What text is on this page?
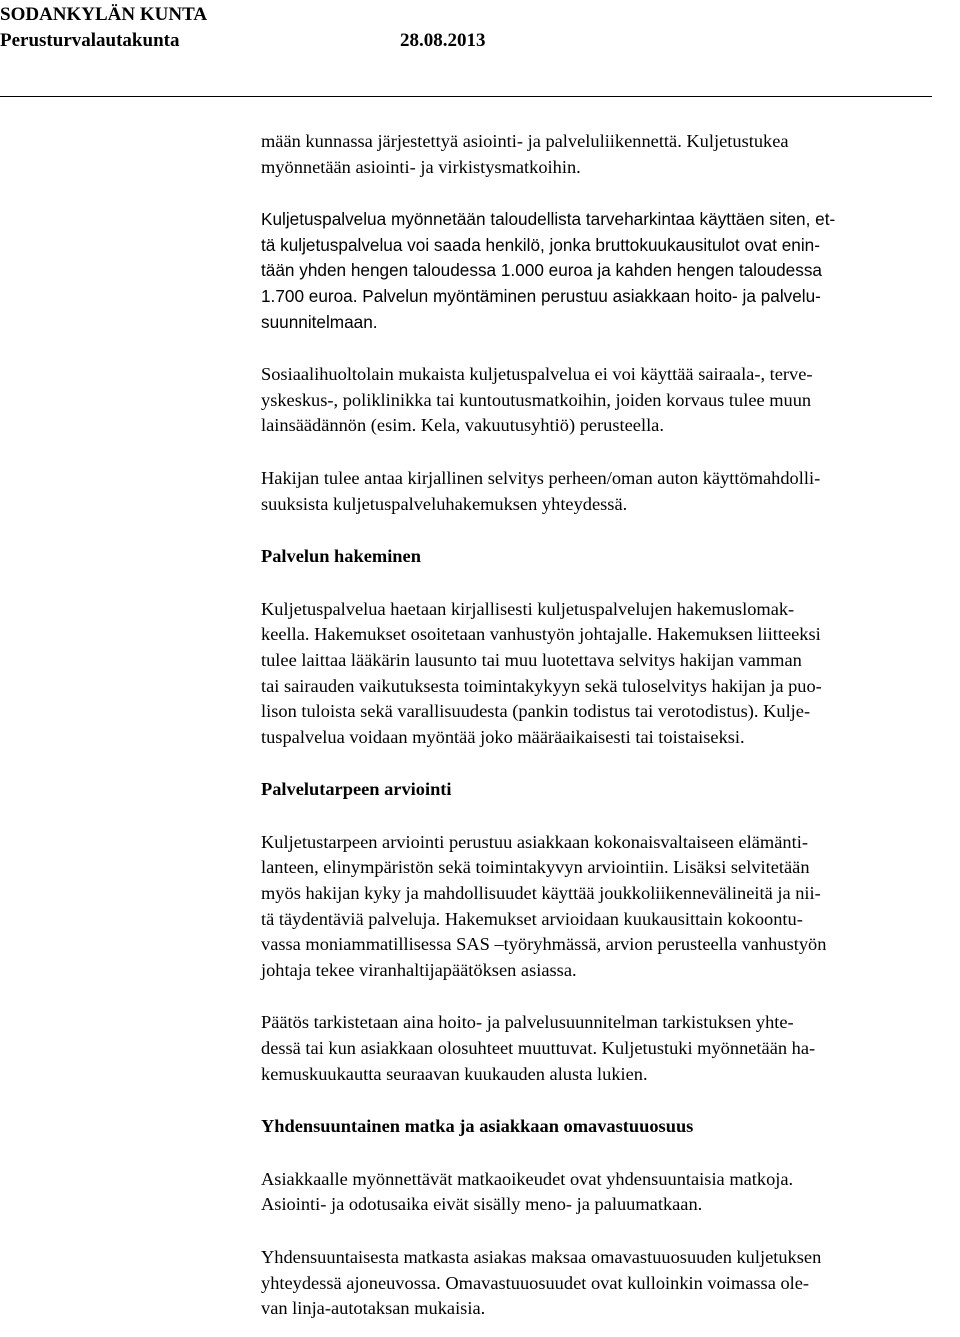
SODANKYLÄN KUNTA
Perusturvalautakunta	28.08.2013
mään kunnassa järjestettyä asiointi- ja palveluliikennettä. Kuljetustukea
myönnetään asiointi- ja virkistysmatkoihin.
Kuljetuspalvelua myönnetään taloudellista tarveharkintaa käyttäen siten, et-
tä kuljetuspalvelua voi saada henkilö, jonka bruttokuukausitulot ovat enin-
tään yhden hengen taloudessa 1.000 euroa ja kahden hengen taloudessa
1.700 euroa. Palvelun myöntäminen perustuu asiakkaan hoito- ja palvelu-
suunnitelmaan.
Sosiaalihuoltolain mukaista kuljetuspalvelua ei voi käyttää sairaala-, terve-
yskeskus-, poliklinikka tai kuntoutusmatkoihin, joiden korvaus tulee muun
lainsäädännön (esim. Kela, vakuutusyhtiö) perusteella.
Hakijan tulee antaa kirjallinen selvitys perheen/oman auton käyttömahdolli-
suuksista kuljetuspalveluhakemuksen yhteydessä.
Palvelun hakeminen
Kuljetuspalvelua haetaan kirjallisesti kuljetuspalvelujen hakemuslomak-
keella. Hakemukset osoitetaan vanhustyön johtajalle. Hakemuksen liitteeksi
tulee laittaa lääkärin lausunto tai muu luotettava selvitys hakijan vamman
tai sairauden vaikutuksesta toimintakykyyn sekä tuloselvitys hakijan ja puo-
lison tuloista sekä varallisuudesta (pankin todistus tai verotodistus). Kulje-
tuspalvelua voidaan myöntää joko määräaikaisesti tai toistaiseksi.
Palvelutarpeen arviointi
Kuljetustarpeen arviointi perustuu asiakkaan kokonaisvaltaiseen elämänti-
lanteen, elinympäristön sekä toimintakyvyn arviointiin. Lisäksi selvitetään
myös hakijan kyky ja mahdollisuudet käyttää joukkoliikennevälineitä ja nii-
tä täydentäviä palveluja. Hakemukset arvioidaan kuukausittain kokoontu-
vassa moniammatillisessa SAS –työryhmässä, arvion perusteella vanhustyön
johtaja tekee viranhaltijapäätöksen asiassa.
Päätös tarkistetaan aina hoito- ja palvelusuunnitelman tarkistuksen yhte-
dessä tai kun asiakkaan olosuhteet muuttuvat. Kuljetustuki myönnetään ha-
kemuskuukautta seuraavan kuukauden alusta lukien.
Yhdensuuntainen matka ja asiakkaan omavastuuosuus
Asiakkaalle myönnettävät matkaoikeudet ovat yhdensuuntaisia matkoja.
Asiointi- ja odotusaika eivät sisälly meno- ja paluumatkaan.
Yhdensuuntaisesta matkasta asiakas maksaa omavastuuosuuden kuljetuksen
yhteydessä ajoneuvossa. Omavastuuosuudet ovat kulloinkin voimassa ole-
van linja-autotaksan mukaisia.
